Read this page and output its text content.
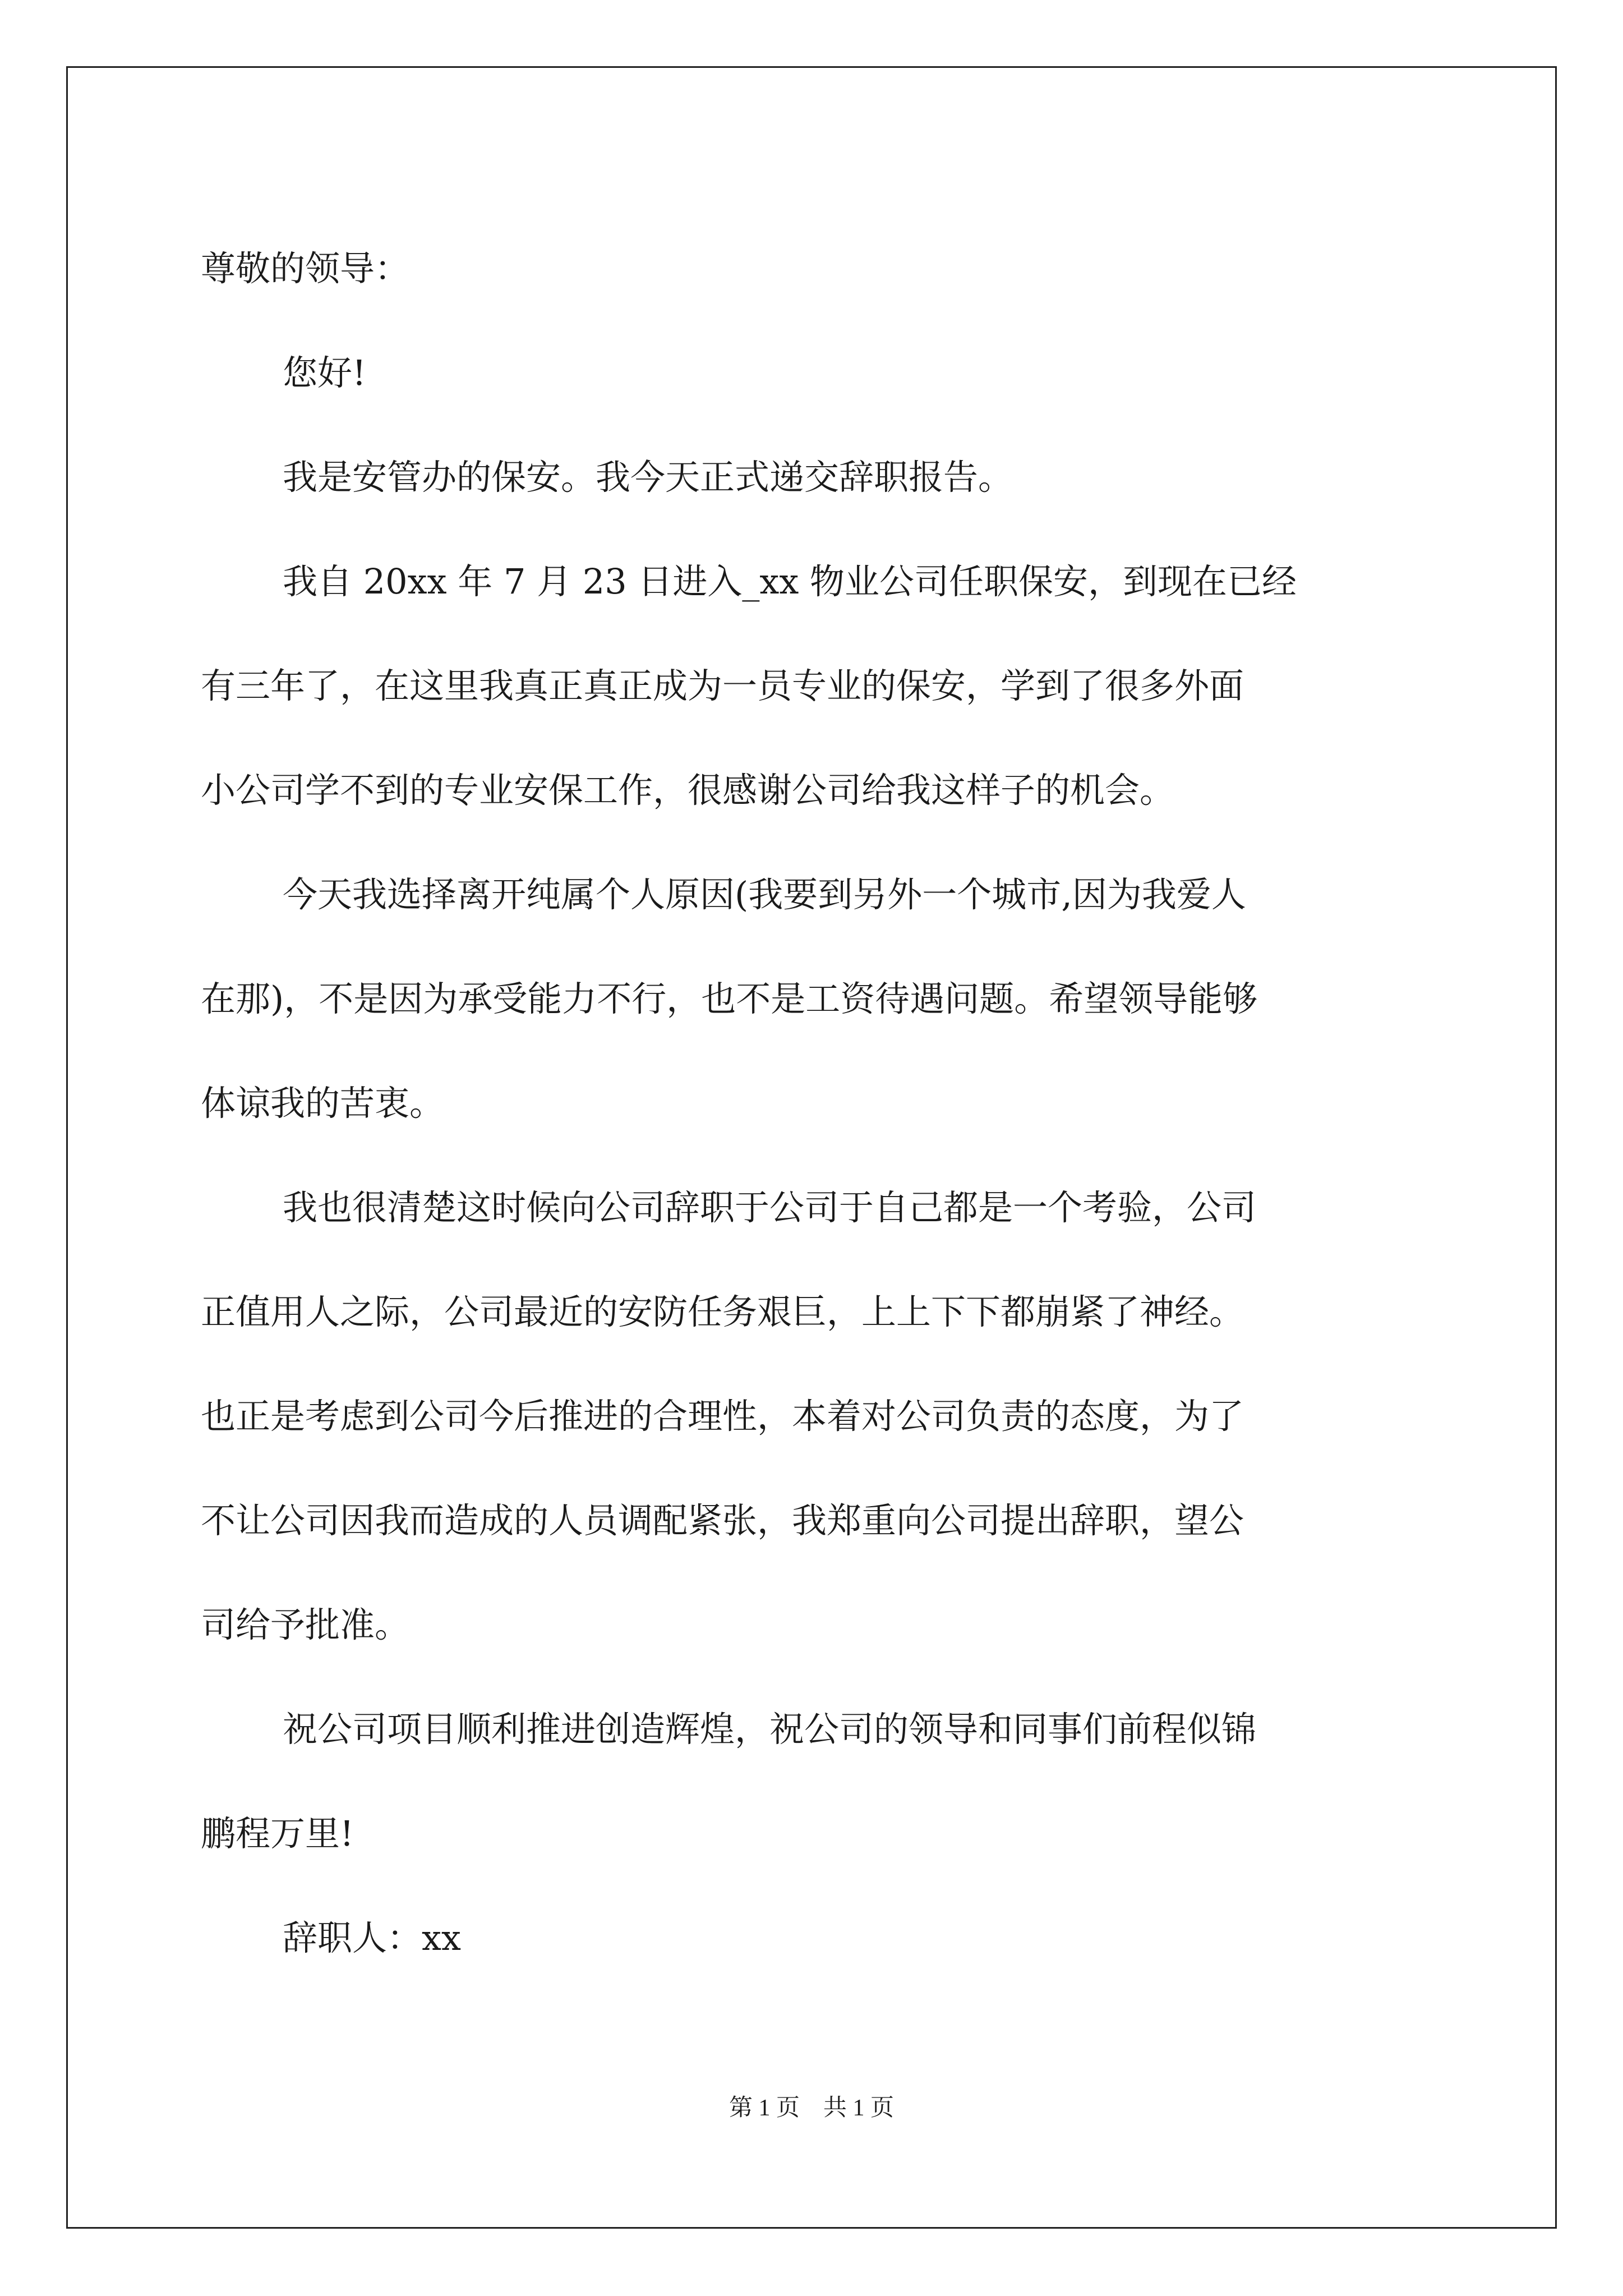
尊敬的领导：
您好!
我是安管办的保安。我今天正式递交辞职报告。
我自 20xx 年 7 月 23 日进入_xx 物业公司任职保安，到现在已经
有三年了，在这里我真正真正成为一员专业的保安，学到了很多外面
小公司学不到的专业安保工作，很感谢公司给我这样子的机会。
今天我选择离开纯属个人原因(我要到另外一个城市,因为我爱人
在那)，不是因为承受能力不行，也不是工资待遇问题。希望领导能够
体谅我的苦衷。
我也很清楚这时候向公司辞职于公司于自己都是一个考验，公司
正值用人之际，公司最近的安防任务艰巨，上上下下都崩紧了神经。
也正是考虑到公司今后推进的合理性，本着对公司负责的态度，为了
不让公司因我而造成的人员调配紧张，我郑重向公司提出辞职，望公
司给予批准。
祝公司项目顺利推进创造辉煌，祝公司的领导和同事们前程似锦
鹏程万里!
辞职人：xx
第 1 页 共 1 页
